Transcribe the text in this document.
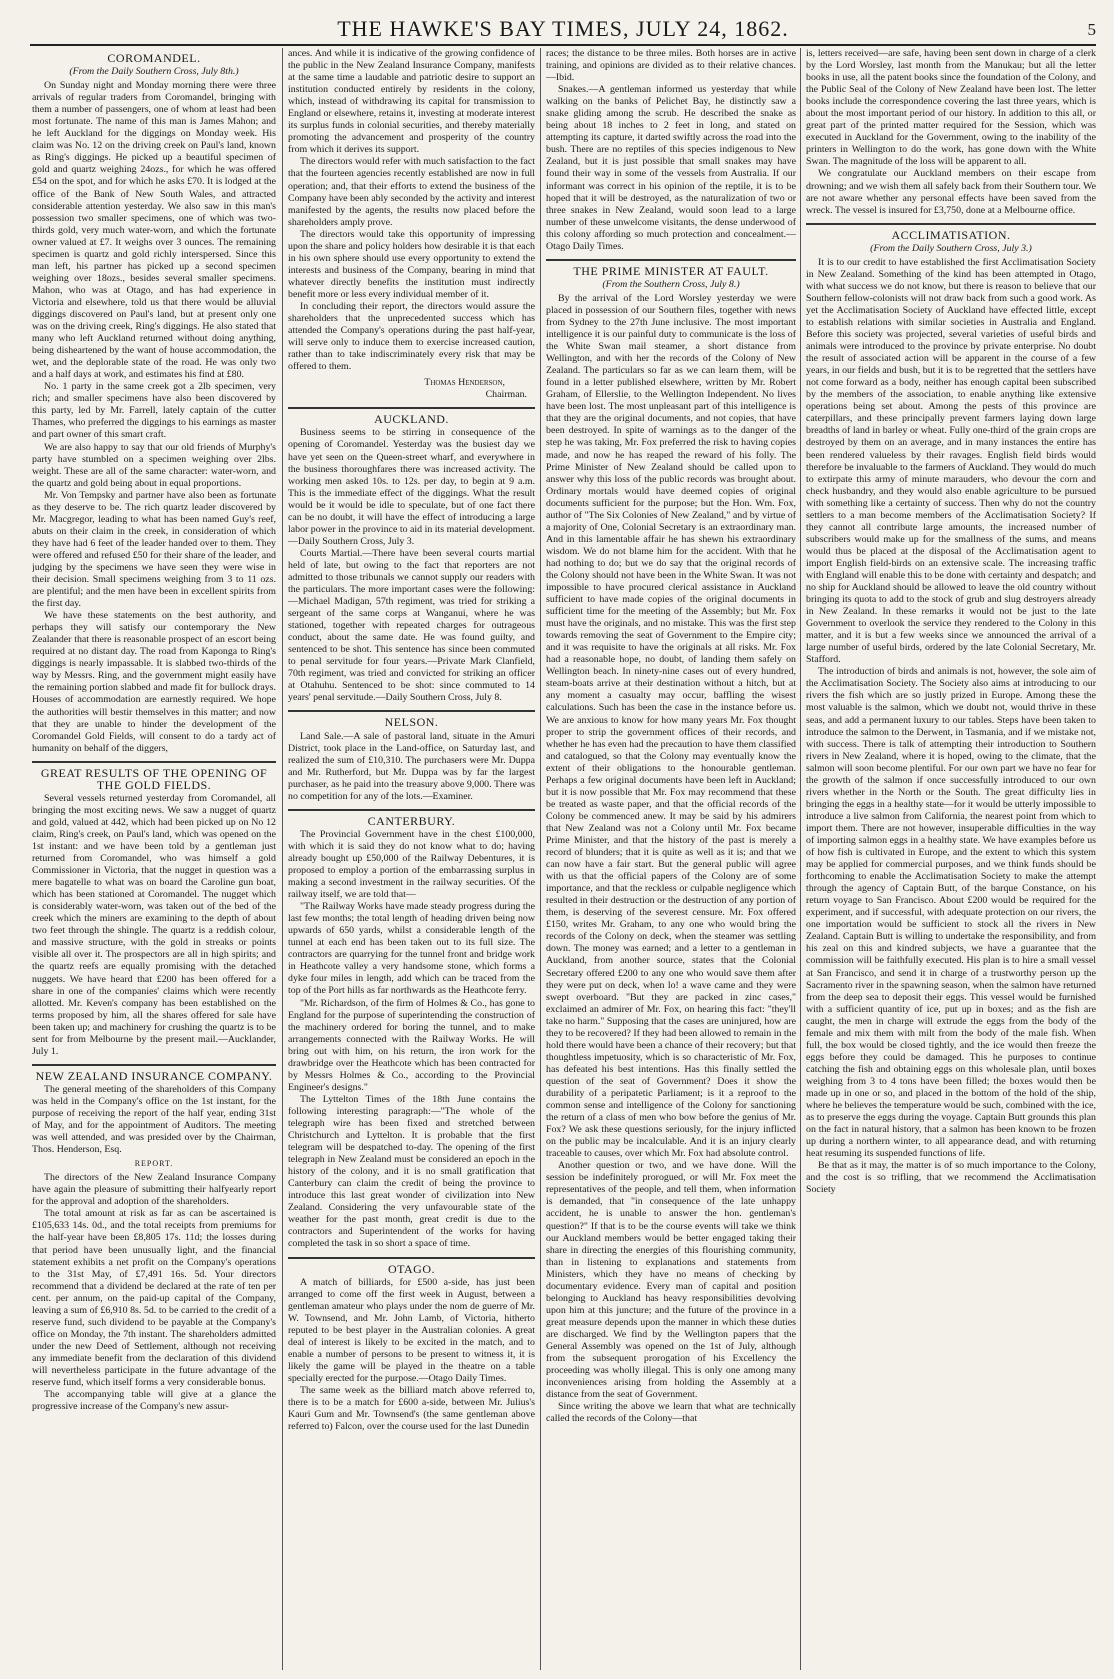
THE HAWKE'S BAY TIMES, JULY 24, 1862.	5
COROMANDEL.
(From the Daily Southern Cross, July 8th.)

On Sunday night and Monday morning there were three arrivals of regular traders from Coromandel, bringing with them a number of passengers, one of whom at least had been most fortunate. The name of this man is James Mahon; and he left Auckland for the diggings on Monday week. His claim was No. 12 on the driving creek on Paul's land, known as Ring's diggings. He picked up a beautiful specimen of gold and quartz weighing 24ozs., for which he was offered £54 on the spot, and for which he asks £70. It is lodged at the office of the Bank of New South Wales, and attracted considerable attention yesterday. We also saw in this man's possession two smaller specimens, one of which was two-thirds gold, very much water-worn, and which the fortunate owner valued at £7. It weighs over 3 ounces. The remaining specimen is quartz and gold richly interspersed. Since this man left, his partner has picked up a second specimen weighing over 18ozs., besides several smaller specimens. Mahon, who was at Otago, and has had experience in Victoria and elsewhere, told us that there would be alluvial diggings discovered on Paul's land, but at present only one was on the driving creek, Ring's diggings. He also stated that many who left Auckland returned without doing anything, being disheartened by the want of house accommodation, the wet, and the deplorable state of the road. He was only two and a half days at work, and estimates his find at £80.

No. 1 party in the same creek got a 2lb specimen, very rich; and smaller specimens have also been discovered by this party, led by Mr. Farrell, lately captain of the cutter Thames, who preferred the diggings to his earnings as master and part owner of this smart craft.

We are also happy to say that our old friends of Murphy's party have stumbled on a specimen weighing over 2lbs. weight. These are all of the same character: water-worn, and the quartz and gold being about in equal proportions.

Mr. Von Tempsky and partner have also been as fortunate as they deserve to be. The rich quartz leader discovered by Mr. Macgregor, leading to what has been named Guy's reef, abuts on their claim in the creek, in consideration of which they have had 6 feet of the leader handed over to them. They were offered and refused £50 for their share of the leader, and judging by the specimens we have seen they were wise in their decision. Small specimens weighing from 3 to 11 ozs. are plentiful; and the men have been in excellent spirits from the first day.

We have these statements on the best authority, and perhaps they will satisfy our contemporary the New Zealander that there is reasonable prospect of an escort being required at no distant day. The road from Kaponga to Ring's diggings is nearly impassable. It is slabbed two-thirds of the way by Messrs. Ring, and the government might easily have the remaining portion slabbed and made fit for bullock drays. Houses of accommodation are earnestly required. We hope the authorities will bestir themselves in this matter; and now that they are unable to hinder the development of the Coromandel Gold Fields, will consent to do a tardy act of humanity on behalf of the diggers,

GREAT RESULTS OF THE OPENING OF THE GOLD FIELDS.

Several vessels returned yesterday from Coromandel, all bringing the most exciting news. We saw a nugget of quartz and gold, valued at 442, which had been picked up on No 12 claim, Ring's creek, on Paul's land, which was opened on the 1st instant: and we have been told by a gentleman just returned from Coromandel, who was himself a gold Commissioner in Victoria, that the nugget in question was a mere bagatelle to what was on board the Caroline gun boat, which has been stationed at Coromandel. The nugget which is considerably water-worn, was taken out of the bed of the creek which the miners are examining to the depth of about two feet through the shingle. The quartz is a reddish colour, and massive structure, with the gold in streaks or points visible all over it. The prospectors are all in high spirits; and the quartz reefs are equally promising with the detached nuggets. We have heard that £200 has been offered for a share in one of the companies' claims which were recently allotted. Mr. Keven's company has been established on the terms proposed by him, all the shares offered for sale have been taken up; and machinery for crushing the quartz is to be sent for from Melbourne by the present mail.—Aucklander, July 1.

NEW ZEALAND INSURANCE COMPANY.

The general meeting of the shareholders of this Company was held in the Company's office on the 1st instant, for the purpose of receiving the report of the half year, ending 31st of May, and for the appointment of Auditors. The meeting was well attended, and was presided over by the Chairman, Thos. Henderson, Esq.

REPORT.

The directors of the New Zealand Insurance Company have again the pleasure of submitting their halfyearly report for the approval and adoption of the shareholders.

The total amount at risk as far as can be ascertained is £105,633 14s. 0d., and the total receipts from premiums for the half-year have been £8,805 17s. 11d; the losses during that period have been unusually light, and the financial statement exhibits a net profit on the Company's operations to the 31st May, of £7,491 16s. 5d. Your directors recommend that a dividend be declared at the rate of ten per cent. per annum, on the paid-up capital of the Company, leaving a sum of £6,910 8s. 5d. to be carried to the credit of a reserve fund, such dividend to be payable at the Company's office on Monday, the 7th instant. The shareholders admitted under the new Deed of Settlement, although not receiving any immediate benefit from the declaration of this dividend will nevertheless participate in the future advantage of the reserve fund, which itself forms a very considerable bonus.

The accompanying table will give at a glance the progressive increase of the Company's new assur-

ances. And while it is indicative of the growing confidence of the public in the New Zealand Insurance Company, manifests at the same time a laudable and patriotic desire to support an institution conducted entirely by residents in the colony, which, instead of withdrawing its capital for transmission to England or elsewhere, retains it, investing at moderate interest its surplus funds in colonial securities, and thereby materially promoting the advancement and prosperity of the country from which it derives its support.

The directors would refer with much satisfaction to the fact that the fourteen agencies recently established are now in full operation; and, that their efforts to extend the business of the Company have been ably seconded by the activity and interest manifested by the agents, the results now placed before the shareholders amply prove.

The directors would take this opportunity of impressing upon the share and policy holders how desirable it is that each in his own sphere should use every opportunity to extend the interests and business of the Company, bearing in mind that whatever directly benefits the institution must indirectly benefit more or less every individual member of it.

In concluding their report, the directors would assure the shareholders that the unprecedented success which has attended the Company's operations during the past half-year, will serve only to induce them to exercise increased caution, rather than to take indiscriminately every risk that may be offered to them.

Thomas Henderson,
Chairman.
AUCKLAND.

Business seems to be stirring in consequence of the opening of Coromandel. Yesterday was the busiest day we have yet seen on the Queen-street wharf, and everywhere in the business thoroughfares there was increased activity. The working men asked 10s. to 12s. per day, to begin at 9 a.m. This is the immediate effect of the diggings. What the result would be it would be idle to speculate, but of one fact there can be no doubt, it will have the effect of introducing a large labor power in the province to aid in its material development.—Daily Southern Cross, July 3.

Courts Martial.—There have been several courts martial held of late, but owing to the fact that reporters are not admitted to those tribunals we cannot supply our readers with the particulars. The more important cases were the following:—Michael Madigan, 57th regiment, was tried for striking a sergeant of the same corps at Wanganui, where he was stationed, together with repeated charges for outrageous conduct, about the same date. He was found guilty, and sentenced to be shot. This sentence has since been commuted to penal servitude for four years.—Private Mark Clanfield, 70th regiment, was tried and convicted for striking an officer at Otahuhu. Sentenced to be shot: since commuted to 14 years' penal servitude.—Daily Southern Cross, July 8.

NELSON.

Land Sale.—A sale of pastoral land, situate in the Amuri District, took place in the Land-office, on Saturday last, and realized the sum of £10,310. The purchasers were Mr. Duppa and Mr. Rutherford, but Mr. Duppa was by far the largest purchaser, as he paid into the treasury above 9,000. There was no competition for any of the lots.—Examiner.

CANTERBURY.

The Provincial Government have in the chest £100,000, with which it is said they do not know what to do; having already bought up £50,000 of the Railway Debentures, it is proposed to employ a portion of the embarrassing surplus in making a second investment in the railway securities. Of the railway itself, we are told that—

"The Railway Works have made steady progress during the last few months; the total length of heading driven being now upwards of 650 yards, whilst a considerable length of the tunnel at each end has been taken out to its full size. The contractors are quarrying for the tunnel front and bridge work in Heathcote valley a very handsome stone, which forms a dyke four miles in length, add which can be traced from the top of the Port hills as far northwards as the Heathcote ferry.

"Mr. Richardson, of the firm of Holmes & Co., has gone to England for the purpose of superintending the construction of the machinery ordered for boring the tunnel, and to make arrangements connected with the Railway Works. He will bring out with him, on his return, the iron work for the drawbridge over the Heathcote which has been contracted for by Messrs Holmes & Co., according to the Provincial Engineer's designs."

The Lyttelton Times of the 18th June contains the following interesting paragraph:—"The whole of the telegraph wire has been fixed and stretched between Christchurch and Lyttelton. It is probable that the first telegram will be despatched to-day. The opening of the first telegraph in New Zealand must be considered an epoch in the history of the colony, and it is no small gratification that Canterbury can claim the credit of being the province to introduce this last great wonder of civilization into New Zealand. Considering the very unfavourable state of the weather for the past month, great credit is due to the contractors and Superintendent of the works for having completed the task in so short a space of time.

OTAGO.

A match of billiards, for £500 a-side, has just been arranged to come off the first week in August, between a gentleman amateur who plays under the nom de guerre of Mr. W. Townsend, and Mr. John Lamb, of Victoria, hitherto reputed to be best player in the Australian colonies. A great deal of interest is likely to be excited in the match, and to enable a number of persons to be present to witness it, it is likely the game will be played in the theatre on a table specially erected for the purpose.—Otago Daily Times.

The same week as the billiard match above referred to, there is to be a match for £600 a-side, between Mr. Julius's Kauri Gum and Mr. Townsend's (the same gentleman above referred to) Falcon, over the course used for the last Dunedin

races; the distance to be three miles. Both horses are in active training, and opinions are divided as to their relative chances.—Ibid.

Snakes.—A gentleman informed us yesterday that while walking on the banks of Pelichet Bay, he distinctly saw a snake gliding among the scrub. He described the snake as being about 18 inches to 2 feet in long, and stated on attempting its capture, it darted swiftly across the road into the bush. There are no reptiles of this species indigenous to New Zealand, but it is just possible that small snakes may have found their way in some of the vessels from Australia. If our informant was correct in his opinion of the reptile, it is to be hoped that it will be destroyed, as the naturalization of two or three snakes in New Zealand, would soon lead to a large number of these unwelcome visitants, the dense underwood of this colony affording so much protection and concealment.—Otago Daily Times.

THE PRIME MINISTER AT FAULT.
(From the Southern Cross, July 8.)

By the arrival of the Lord Worsley yesterday we were placed in possession of our Southern files, together with news from Sydney to the 27th June inclusive. The most important intelligence it is our painful duty to communicate is the loss of the White Swan mail steamer, a short distance from Wellington, and with her the records of the Colony of New Zealand. The particulars so far as we can learn them, will be found in a letter published elsewhere, written by Mr. Robert Graham, of Ellerslie, to the Wellington Independent. No lives have been lost. The most unpleasant part of this intelligence is that they are the original documents, and not copies, that have been destroyed. In spite of warnings as to the danger of the step he was taking, Mr. Fox preferred the risk to having copies made, and now he has reaped the reward of his folly. The Prime Minister of New Zealand should be called upon to answer why this loss of the public records was brought about. Ordinary mortals would have deemed copies of original documents sufficient for the purpose; but the Hon. Wm. Fox, author of "The Six Colonies of New Zealand," and by virtue of a majority of One, Colonial Secretary is an extraordinary man. And in this lamentable affair he has shewn his extraordinary wisdom. We do not blame him for the accident. With that he had nothing to do; but we do say that the original records of the Colony should not have been in the White Swan. It was not impossible to have procured clerical assistance in Auckland sufficient to have made copies of the original documents in sufficient time for the meeting of the Assembly; but Mr. Fox must have the originals, and no mistake. This was the first step towards removing the seat of Government to the Empire city; and it was requisite to have the originals at all risks. Mr. Fox had a reasonable hope, no doubt, of landing them safely on Wellington beach. In ninety-nine cases out of every hundred, steam-boats arrive at their destination without a hitch, but at any moment a casualty may occur, baffling the wisest calculations. Such has been the case in the instance before us. We are anxious to know for how many years Mr. Fox thought proper to strip the government offices of their records, and whether he has even had the precaution to have them classified and catalogued, so that the Colony may eventually know the extent of their obligations to the honourable gentleman. Perhaps a few original documents have been left in Auckland; but it is now possible that Mr. Fox may recommend that these be treated as waste paper, and that the official records of the Colony be commenced anew. It may be said by his admirers that New Zealand was not a Colony until Mr. Fox became Prime Minister, and that the history of the past is merely a record of blunders; that it is quite as well as it is; and that we can now have a fair start. But the general public will agree with us that the official papers of the Colony are of some importance, and that the reckless or culpable negligence which resulted in their destruction or the destruction of any portion of them, is deserving of the severest censure. Mr. Fox offered £150, writes Mr. Graham, to any one who would bring the records of the Colony on deck, when the steamer was settling down. The money was earned; and a letter to a gentleman in Auckland, from another source, states that the Colonial Secretary offered £200 to any one who would save them after they were put on deck, when lo! a wave came and they were swept overboard. "But they are packed in zinc cases," exclaimed an admirer of Mr. Fox, on hearing this fact: "they'll take no harm." Supposing that the cases are uninjured, how are they to be recovered? If they had been allowed to remain in the hold there would have been a chance of their recovery; but that thoughtless impetuosity, which is so characteristic of Mr. Fox, has defeated his best intentions. Has this finally settled the question of the seat of Government? Does it show the durability of a peripatetic Parliament; is it a reproof to the common sense and intelligence of the Colony for sanctioning the return of a class of men who bow before the genius of Mr. Fox? We ask these questions seriously, for the injury inflicted on the public may be incalculable. And it is an injury clearly traceable to causes, over which Mr. Fox had absolute control.

Another question or two, and we have done. Will the session be indefinitely prorogued, or will Mr. Fox meet the representatives of the people, and tell them, when information is demanded, that "in consequence of the late unhappy accident, he is unable to answer the hon. gentleman's question?" If that is to be the course events will take we think our Auckland members would be better engaged taking their share in directing the energies of this flourishing community, than in listening to explanations and statements from Ministers, which they have no means of checking by documentary evidence. Every man of capital and position belonging to Auckland has heavy responsibilities devolving upon him at this juncture; and the future of the province in a great measure depends upon the manner in which these duties are discharged. We find by the Wellington papers that the General Assembly was opened on the 1st of July, although from the subsequent prorogation of his Excellency the proceeding was wholly illegal. This is only one among many inconveniences arising from holding the Assembly at a distance from the seat of Government.

Since writing the above we learn that what are technically called the records of the Colony—that

is, letters received—are safe, having been sent down in charge of a clerk by the Lord Worsley, last month from the Manukau; but all the letter books in use, all the patent books since the foundation of the Colony, and the Public Seal of the Colony of New Zealand have been lost. The letter books include the correspondence covering the last three years, which is about the most important period of our history. In addition to this all, or great part of the printed matter required for the Session, which was executed in Auckland for the Government, owing to the inability of the printers in Wellington to do the work, has gone down with the White Swan. The magnitude of the loss will be apparent to all.

We congratulate our Auckland members on their escape from drowning; and we wish them all safely back from their Southern tour. We are not aware whether any personal effects have been saved from the wreck. The vessel is insured for £3,750, done at a Melbourne office.

ACCLIMATISATION.
(From the Daily Southern Cross, July 3.)

It is to our credit to have established the first Acclimatisation Society in New Zealand. Something of the kind has been attempted in Otago, with what success we do not know, but there is reason to believe that our Southern fellow-colonists will not draw back from such a good work. As yet the Acclimatisation Society of Auckland have effected little, except to establish relations with similar societies in Australia and England. Before this society was projected, several varieties of useful birds and animals were introduced to the province by private enterprise. No doubt the result of associated action will be apparent in the course of a few years, in our fields and bush, but it is to be regretted that the settlers have not come forward as a body, neither has enough capital been subscribed by the members of the association, to enable anything like extensive operations being set about. Among the pests of this province are caterpillars, and these principally prevent farmers laying down large breadths of land in barley or wheat. Fully one-third of the grain crops are destroyed by them on an average, and in many instances the entire has been rendered valueless by their ravages. English field birds would therefore be invaluable to the farmers of Auckland. They would do much to extirpate this army of minute marauders, who devour the corn and check husbandry, and they would also enable agriculture to be pursued with something like a certainty of success. Then why do not the country settlers to a man become members of the Acclimatisation Society? If they cannot all contribute large amounts, the increased number of subscribers would make up for the smallness of the sums, and means would thus be placed at the disposal of the Acclimatisation agent to import English field-birds on an extensive scale. The increasing traffic with England will enable this to be done with certainty and despatch; and no ship for Auckland should be allowed to leave the old country without bringing its quota to add to the stock of grub and slug destroyers already in New Zealand. In these remarks it would not be just to the late Government to overlook the service they rendered to the Colony in this matter, and it is but a few weeks since we announced the arrival of a large number of useful birds, ordered by the late Colonial Secretary, Mr. Stafford.

The introduction of birds and animals is not, however, the sole aim of the Acclimatisation Society. The Society also aims at introducing to our rivers the fish which are so justly prized in Europe. Among these the most valuable is the salmon, which we doubt not, would thrive in these seas, and add a permanent luxury to our tables. Steps have been taken to introduce the salmon to the Derwent, in Tasmania, and if we mistake not, with success. There is talk of attempting their introduction to Southern rivers in New Zealand, where it is hoped, owing to the climate, that the salmon will soon become plentiful. For our own part we have no fear for the growth of the salmon if once successfully introduced to our own rivers whether in the North or the South. The great difficulty lies in bringing the eggs in a healthy state—for it would be utterly impossible to introduce a live salmon from California, the nearest point from which to import them. There are not however, insuperable difficulties in the way of importing salmon eggs in a healthy state. We have examples before us of how fish is cultivated in Europe, and the extent to which this system may be applied for commercial purposes, and we think funds should be forthcoming to enable the Acclimatisation Society to make the attempt through the agency of Captain Butt, of the barque Constance, on his return voyage to San Francisco. About £200 would be required for the experiment, and if successful, with adequate protection on our rivers, the one importation would be sufficient to stock all the rivers in New Zealand. Captain Butt is willing to undertake the responsibility, and from his zeal on this and kindred subjects, we have a guarantee that the commission will be faithfully executed. His plan is to hire a small vessel at San Francisco, and send it in charge of a trustworthy person up the Sacramento river in the spawning season, when the salmon have returned from the deep sea to deposit their eggs. This vessel would be furnished with a sufficient quantity of ice, put up in boxes; and as the fish are caught, the men in charge will extrude the eggs from the body of the female and mix them with milt from the body of the male fish. When full, the box would be closed tightly, and the ice would then freeze the eggs before they could be damaged. This he purposes to continue catching the fish and obtaining eggs on this wholesale plan, until boxes weighing from 3 to 4 tons have been filled; the boxes would then be made up in one or so, and placed in the bottom of the hold of the ship, where he believes the temperature would be such, combined with the ice, as to preserve the eggs during the voyage. Captain Butt grounds this plan on the fact in natural history, that a salmon has been known to be frozen up during a northern winter, to all appearance dead, and with returning heat resuming its suspended functions of life.

Be that as it may, the matter is of so much importance to the Colony, and the cost is so trifling, that we recommend the Acclimatisation Society
